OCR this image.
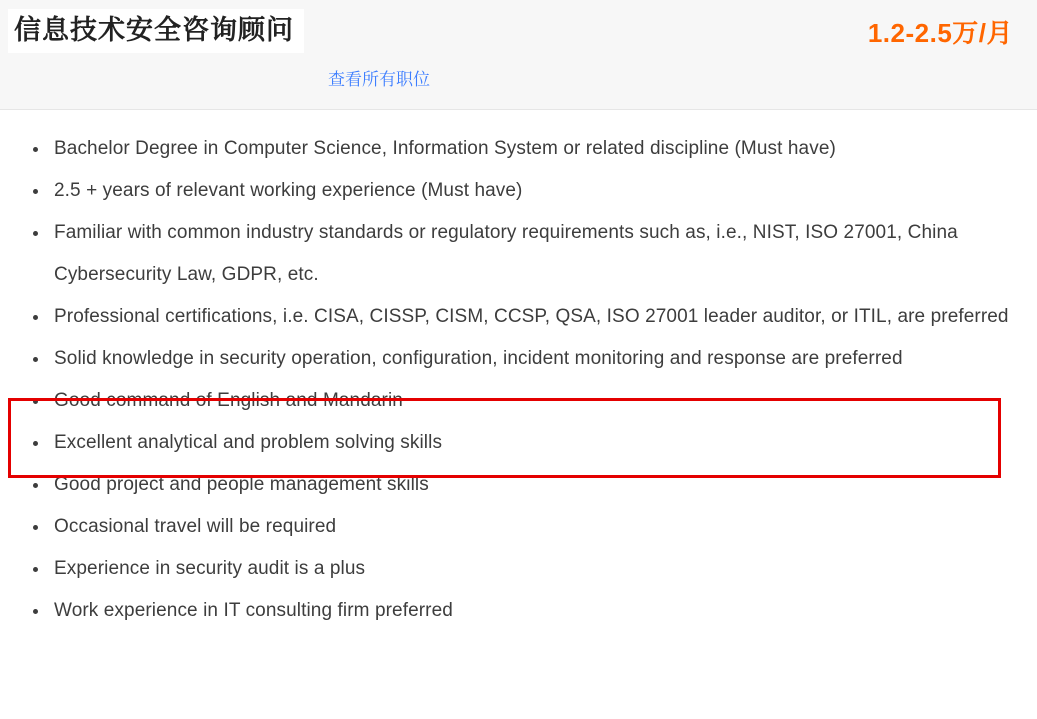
信息技术安全咨询顾问	1.2-2.5万/月
查看所有职位
Bachelor Degree in Computer Science, Information System or related discipline (Must have)
2.5 + years of relevant working experience (Must have)
Familiar with common industry standards or regulatory requirements such as, i.e., NIST, ISO 27001, China Cybersecurity Law, GDPR, etc.
Professional certifications, i.e. CISA, CISSP, CISM, CCSP, QSA, ISO 27001 leader auditor, or ITIL, are preferred
Solid knowledge in security operation, configuration, incident monitoring and response are preferred
Good command of English and Mandarin
Excellent analytical and problem solving skills
Good project and people management skills
Occasional travel will be required
Experience in security audit is a plus
Work experience in IT consulting firm preferred
